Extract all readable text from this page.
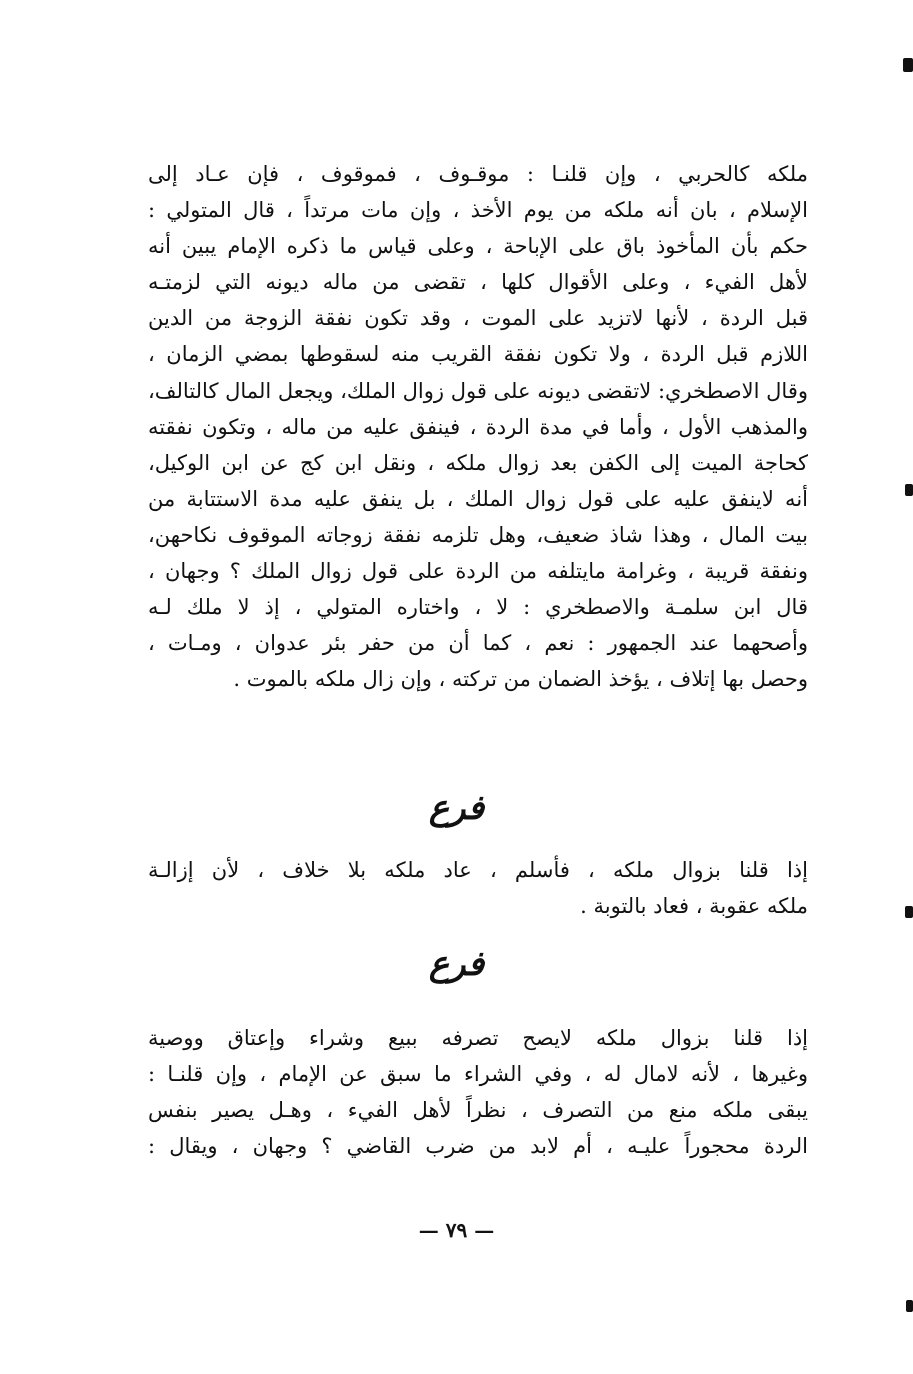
ملكه كالحربي ، وإن قلنـا : موقـوف ، فموقوف ، فإن عـاد إلى
الإسلام ، بان أنه ملكه من يوم الأخذ ، وإن مات مرتداً ، قال المتولي :
حكم بأن المأخوذ باق على الإباحة ، وعلى قياس ما ذكره الإمام يبين أنه
لأهل الفيء ، وعلى الأقوال كلها ، تقضى من ماله ديونه التي لزمتـه
قبل الردة ، لأنها لاتزيد على الموت ، وقد تكون نفقة الزوجة من الدين
اللازم قبل الردة ، ولا تكون نفقة القريب منه لسقوطها بمضي الزمان ،
وقال الاصطخري: لاتقضى ديونه على قول زوال الملك، ويجعل المال كالتالف،
والمذهب الأول ، وأما في مدة الردة ، فينفق عليه من ماله ، وتكون نفقته
كحاجة الميت إلى الكفن بعد زوال ملكه ، ونقل ابن كج عن ابن الوكيل،
أنه لاينفق عليه على قول زوال الملك ، بل ينفق عليه مدة الاستتابة من
بيت المال ، وهذا شاذ ضعيف، وهل تلزمه نفقة زوجاته الموقوف نكاحهن،
ونفقة قريبة ، وغرامة مايتلفه من الردة على قول زوال الملك ؟ وجهان ،
قال ابن سلمـة والاصطخري : لا ، واختاره المتولي ، إذ لا ملك لـه
وأصحهما عند الجمهور : نعم ، كما أن من حفر بئر عدوان ، ومـات ،
وحصل بها إتلاف ، يؤخذ الضمان من تركته ، وإن زال ملكه بالموت .
فرع
إذا قلنا بزوال ملكه ، فأسلم ، عاد ملكه بلا خلاف ، لأن إزالـة
ملكه عقوبة ، فعاد بالتوبة .
فرع
إذا قلنا بزوال ملكه لايصح تصرفه ببيع وشراء وإعتاق ووصية
وغيرها ، لأنه لامال له ، وفي الشراء ما سبق عن الإمام ، وإن قلنـا :
يبقى ملكه منع من التصرف ، نظراً لأهل الفيء ، وهـل يصير بنفس
الردة محجوراً عليـه ، أم لابد من ضرب القاضي ؟ وجهان ، ويقال :
— ٧٩ —
